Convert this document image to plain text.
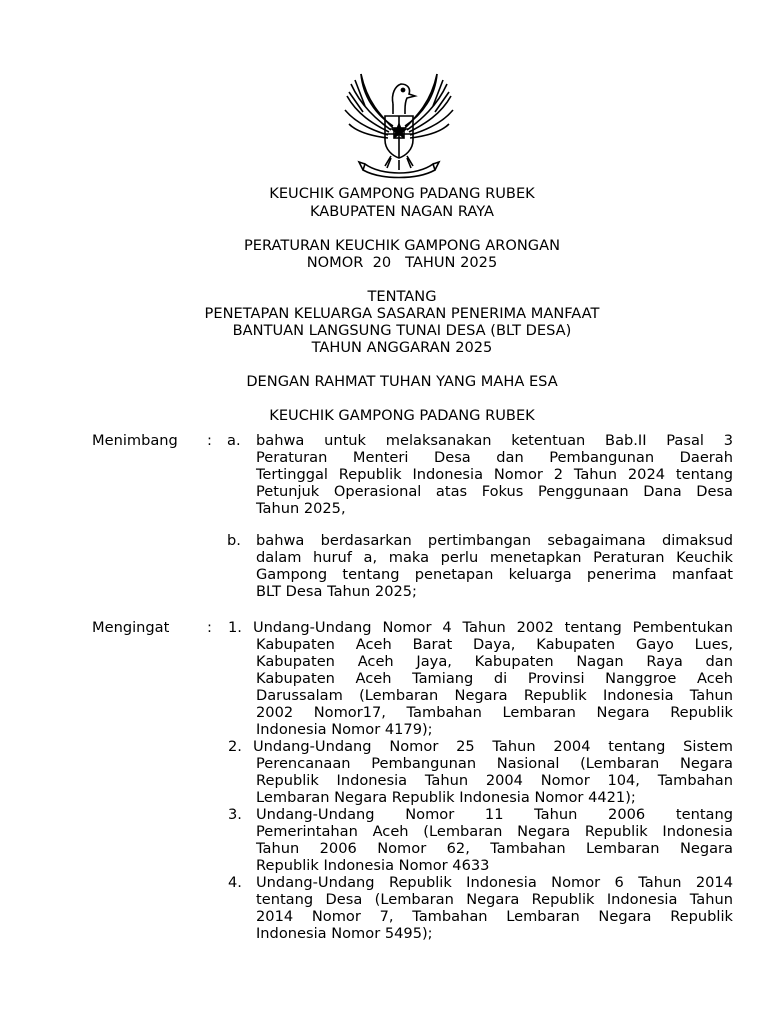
KEUCHIK GAMPONG PADANG RUBEK
KABUPATEN NAGAN RAYA
PERATURAN KEUCHIK GAMPONG ARONGAN
NOMOR  20   TAHUN 2025
TENTANG
PENETAPAN KELUARGA SASARAN PENERIMA MANFAAT
BANTUAN LANGSUNG TUNAI DESA (BLT DESA)
TAHUN ANGGARAN 2025
DENGAN RAHMAT TUHAN YANG MAHA ESA
KEUCHIK GAMPONG PADANG RUBEK
Menimbang : a. bahwa untuk melaksanakan ketentuan Bab.II Pasal 3
Peraturan Menteri Desa dan Pembangunan Daerah
Tertinggal Republik Indonesia Nomor 2 Tahun 2024 tentang
Petunjuk Operasional atas Fokus Penggunaan Dana Desa
Tahun 2025,
b. bahwa berdasarkan pertimbangan sebagaimana dimaksud
dalam huruf a, maka perlu menetapkan Peraturan Keuchik
Gampong tentang penetapan keluarga penerima manfaat
BLT Desa Tahun 2025;
Mengingat	: 1. Undang-Undang Nomor 4 Tahun 2002 tentang Pembentukan
Kabupaten Aceh Barat Daya, Kabupaten Gayo Lues,
Kabupaten Aceh Jaya, Kabupaten Nagan Raya dan
Kabupaten Aceh Tamiang di Provinsi Nanggroe Aceh
Darussalam (Lembaran Negara Republik Indonesia Tahun
2002 Nomor17, Tambahan Lembaran Negara Republik
Indonesia Nomor 4179);
2. Undang-Undang Nomor 25 Tahun 2004 tentang Sistem
Perencanaan Pembangunan Nasional (Lembaran Negara
Republik Indonesia Tahun 2004 Nomor 104, Tambahan
Lembaran Negara Republik Indonesia Nomor 4421);
3. Undang-Undang Nomor 11 Tahun 2006 tentang
Pemerintahan Aceh (Lembaran Negara Republik Indonesia
Tahun 2006 Nomor 62, Tambahan Lembaran Negara
Republik Indonesia Nomor 4633
4. Undang-Undang Republik Indonesia Nomor 6 Tahun 2014
tentang Desa (Lembaran Negara Republik Indonesia Tahun
2014 Nomor 7, Tambahan Lembaran Negara Republik
Indonesia Nomor 5495);
